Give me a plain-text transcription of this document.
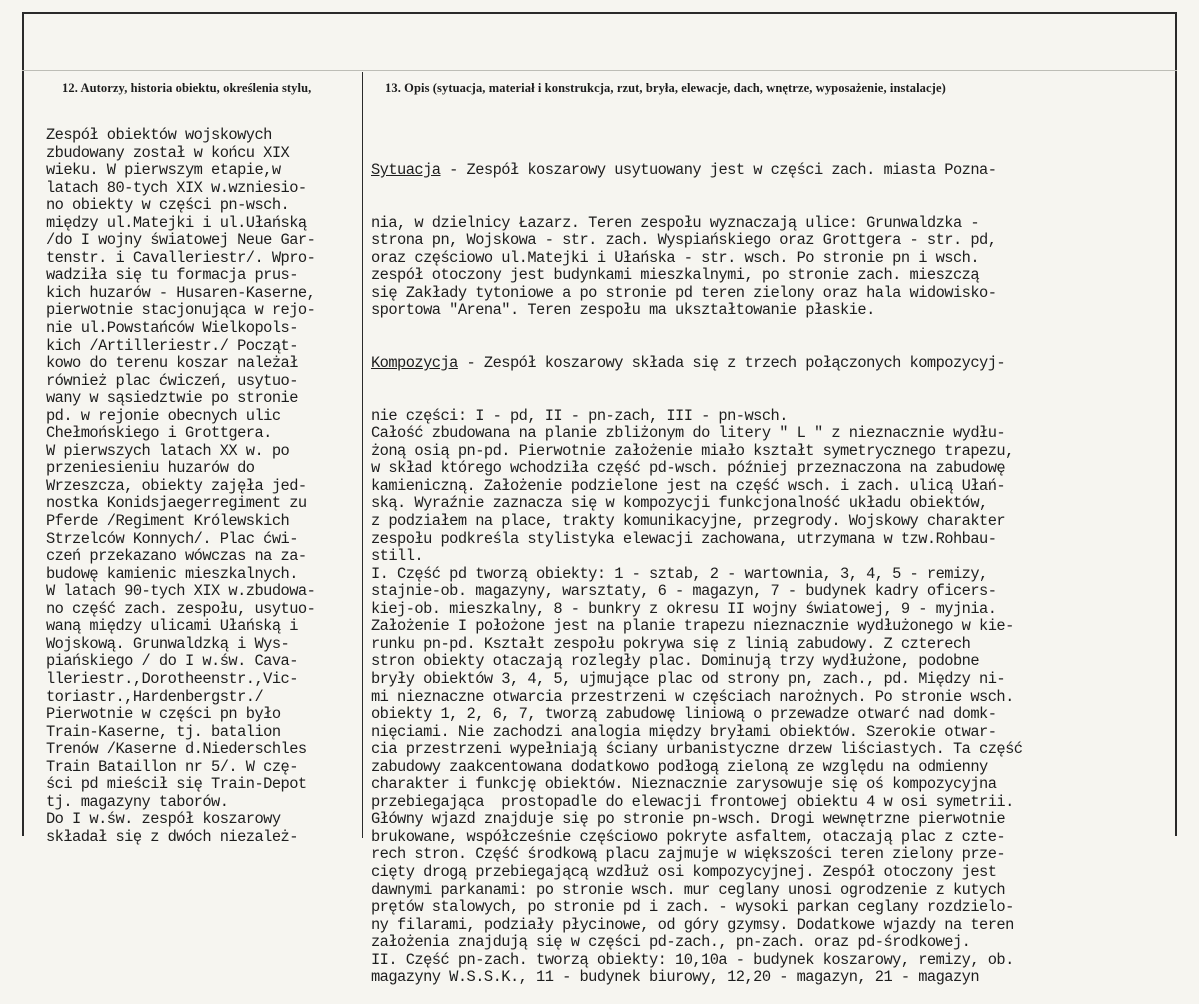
12. Autorzy, historia obiektu, określenia stylu,	13. Opis (sytuacja, materiał i konstrukcja, rzut, bryła, elewacje, dach, wnętrze, wyposażenie, instalacje)
Zespół obiektów wojskowych
zbudowany został w końcu XIX
wieku. W pierwszym etapie,w
latach 80-tych XIX w.wzniesio-
no obiekty w części pn-wsch.
między ul.Matejki i ul.Ułańską
/do I wojny światowej Neue Gar-
tenstr. i Cavalleriestr/. Wpro-
wadziła się tu formacja prus-
kich huzarów - Husaren-Kaserne,
pierwotnie stacjonująca w rejo-
nie ul.Powstańców Wielkopols-
kich /Artilleriestr./ Począt-
kowo do terenu koszar należał
również plac ćwiczeń, usytuo-
wany w sąsiedztwie po stronie
pd. w rejonie obecnych ulic
Chełmońskiego i Grottgera.
W pierwszych latach XX w. po
przeniesieniu huzarów do
Wrzeszcza, obiekty zajęła jed-
nostka Konidsjaegerregiment zu
Pferde /Regiment Królewskich
Strzelców Konnych/. Plac ćwi-
czeń przekazano wówczas na za-
budowę kamienic mieszkalnych.
W latach 90-tych XIX w.zbudowa-
no część zach. zespołu, usytuo-
waną między ulicami Ułańską i
Wojskową. Grunwaldzką i Wys-
piańskiego / do I w.św. Cava-
lleriestr.,Dorotheenstr.,Vic-
toriastr.,Hardenbergstr./
Pierwotnie w części pn było
Train-Kaserne, tj. batalion
Trenów /Kaserne d.Niederschles
Train Bataillon nr 5/. W czę-
ści pd mieścił się Train-Depot
tj. magazyny taborów.
Do I w.św. zespół koszarowy
składał się z dwóch niezależ-

Sytuacja - Zespół koszarowy usytuowany jest w części zach. miasta Pozna-

nia, w dzielnicy Łazarz. Teren zespołu wyznaczają ulice: Grunwaldzka -
strona pn, Wojskowa - str. zach. Wyspiańskiego oraz Grottgera - str. pd,
oraz częściowo ul.Matejki i Ułańska - str. wsch. Po stronie pn i wsch.
zespół otoczony jest budynkami mieszkalnymi, po stronie zach. mieszczą
się Zakłady tytoniowe a po stronie pd teren zielony oraz hala widowisko-
sportowa "Arena". Teren zespołu ma ukształtowanie płaskie.

Kompozycja - Zespół koszarowy składa się z trzech połączonych kompozycyj-

nie części: I - pd, II - pn-zach, III - pn-wsch.
Całość zbudowana na planie zbliżonym do litery " L " z nieznacznie wydłu-
żoną osią pn-pd. Pierwotnie założenie miało kształt symetrycznego trapezu,
w skład którego wchodziła część pd-wsch. później przeznaczona na zabudowę
kamieniczną. Założenie podzielone jest na część wsch. i zach. ulicą Ułań-
ską. Wyraźnie zaznacza się w kompozycji funkcjonalność układu obiektów,
z podziałem na place, trakty komunikacyjne, przegrody. Wojskowy charakter
zespołu podkreśla stylistyka elewacji zachowana, utrzymana w tzw.Rohbau-
still.
I. Część pd tworzą obiekty: 1 - sztab, 2 - wartownia, 3, 4, 5 - remizy,
stajnie-ob. magazyny, warsztaty, 6 - magazyn, 7 - budynek kadry oficers-
kiej-ob. mieszkalny, 8 - bunkry z okresu II wojny światowej, 9 - myjnia.
Założenie I położone jest na planie trapezu nieznacznie wydłużonego w kie-
runku pn-pd. Kształt zespołu pokrywa się z linią zabudowy. Z czterech
stron obiekty otaczają rozległy plac. Dominują trzy wydłużone, podobne
bryły obiektów 3, 4, 5, ujmujące plac od strony pn, zach., pd. Między ni-
mi nieznaczne otwarcia przestrzeni w częściach narożnych. Po stronie wsch.
obiekty 1, 2, 6, 7, tworzą zabudowę liniową o przewadze otwarć nad domk-
nięciami. Nie zachodzi analogia między bryłami obiektów. Szerokie otwar-
cia przestrzeni wypełniają ściany urbanistyczne drzew liściastych. Ta część
zabudowy zaakcentowana dodatkowo podłogą zieloną ze względu na odmienny
charakter i funkcję obiektów. Nieznacznie zarysowuje się oś kompozycyjna
przebiegająca  prostopadle do elewacji frontowej obiektu 4 w osi symetrii.
Główny wjazd znajduje się po stronie pn-wsch. Drogi wewnętrzne pierwotnie
brukowane, współcześnie częściowo pokryte asfaltem, otaczają plac z czte-
rech stron. Część środkową placu zajmuje w większości teren zielony prze-
cięty drogą przebiegającą wzdłuż osi kompozycyjnej. Zespół otoczony jest
dawnymi parkanami: po stronie wsch. mur ceglany unosi ogrodzenie z kutych
prętów stalowych, po stronie pd i zach. - wysoki parkan ceglany rozdzielo-
ny filarami, podziały płycinowe, od góry gzymsy. Dodatkowe wjazdy na teren
założenia znajdują się w części pd-zach., pn-zach. oraz pd-środkowej.
II. Część pn-zach. tworzą obiekty: 10,10a - budynek koszarowy, remizy, ob.
magazyny W.S.S.K., 11 - budynek biurowy, 12,20 - magazyn, 21 - magazyn
